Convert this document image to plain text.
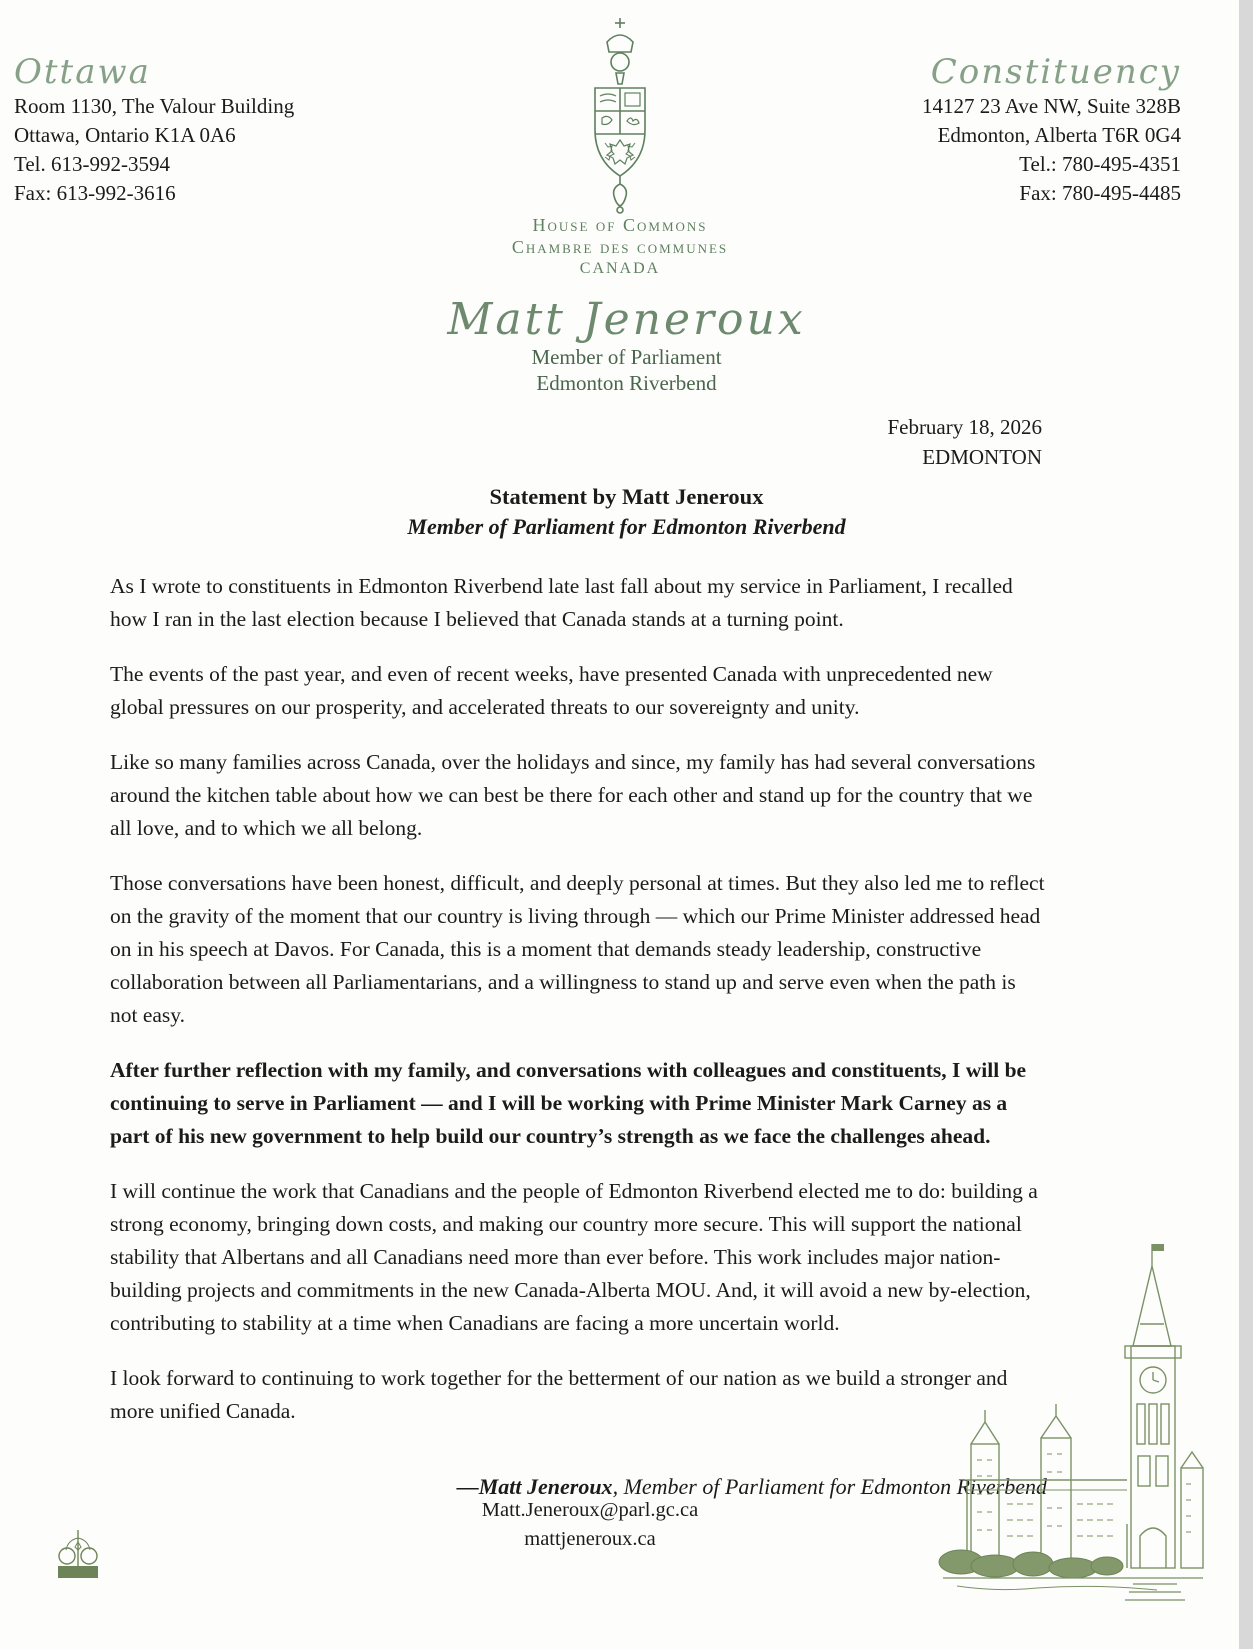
Ottawa
Room 1130, The Valour Building
Ottawa, Ontario K1A 0A6
Tel. 613-992-3594
Fax: 613-992-3616
Constituency
14127 23 Ave NW, Suite 328B
Edmonton, Alberta T6R 0G4
Tel.: 780-495-4351
Fax: 780-495-4485
House of Commons
Chambre des communes
CANADA
Matt Jeneroux
Member of Parliament
Edmonton Riverbend
February 18, 2026
EDMONTON
Statement by Matt Jeneroux
Member of Parliament for Edmonton Riverbend

As I wrote to constituents in Edmonton Riverbend late last fall about my service in Parliament, I recalled how I ran in the last election because I believed that Canada stands at a turning point.

The events of the past year, and even of recent weeks, have presented Canada with unprecedented new global pressures on our prosperity, and accelerated threats to our sovereignty and unity.

Like so many families across Canada, over the holidays and since, my family has had several conversations around the kitchen table about how we can best be there for each other and stand up for the country that we all love, and to which we all belong.

Those conversations have been honest, difficult, and deeply personal at times. But they also led me to reflect on the gravity of the moment that our country is living through — which our Prime Minister addressed head on in his speech at Davos. For Canada, this is a moment that demands steady leadership, constructive collaboration between all Parliamentarians, and a willingness to stand up and serve even when the path is not easy.

After further reflection with my family, and conversations with colleagues and constituents, I will be continuing to serve in Parliament — and I will be working with Prime Minister Mark Carney as a part of his new government to help build our country’s strength as we face the challenges ahead.

I will continue the work that Canadians and the people of Edmonton Riverbend elected me to do: building a strong economy, bringing down costs, and making our country more secure. This will support the national stability that Albertans and all Canadians need more than ever before. This work includes major nation-building projects and commitments in the new Canada-Alberta MOU. And, it will avoid a new by-election, contributing to stability at a time when Canadians are facing a more uncertain world.

I look forward to continuing to work together for the betterment of our nation as we build a stronger and more unified Canada.

—Matt Jeneroux, Member of Parliament for Edmonton Riverbend
Matt.Jeneroux@parl.gc.ca
mattjeneroux.ca
